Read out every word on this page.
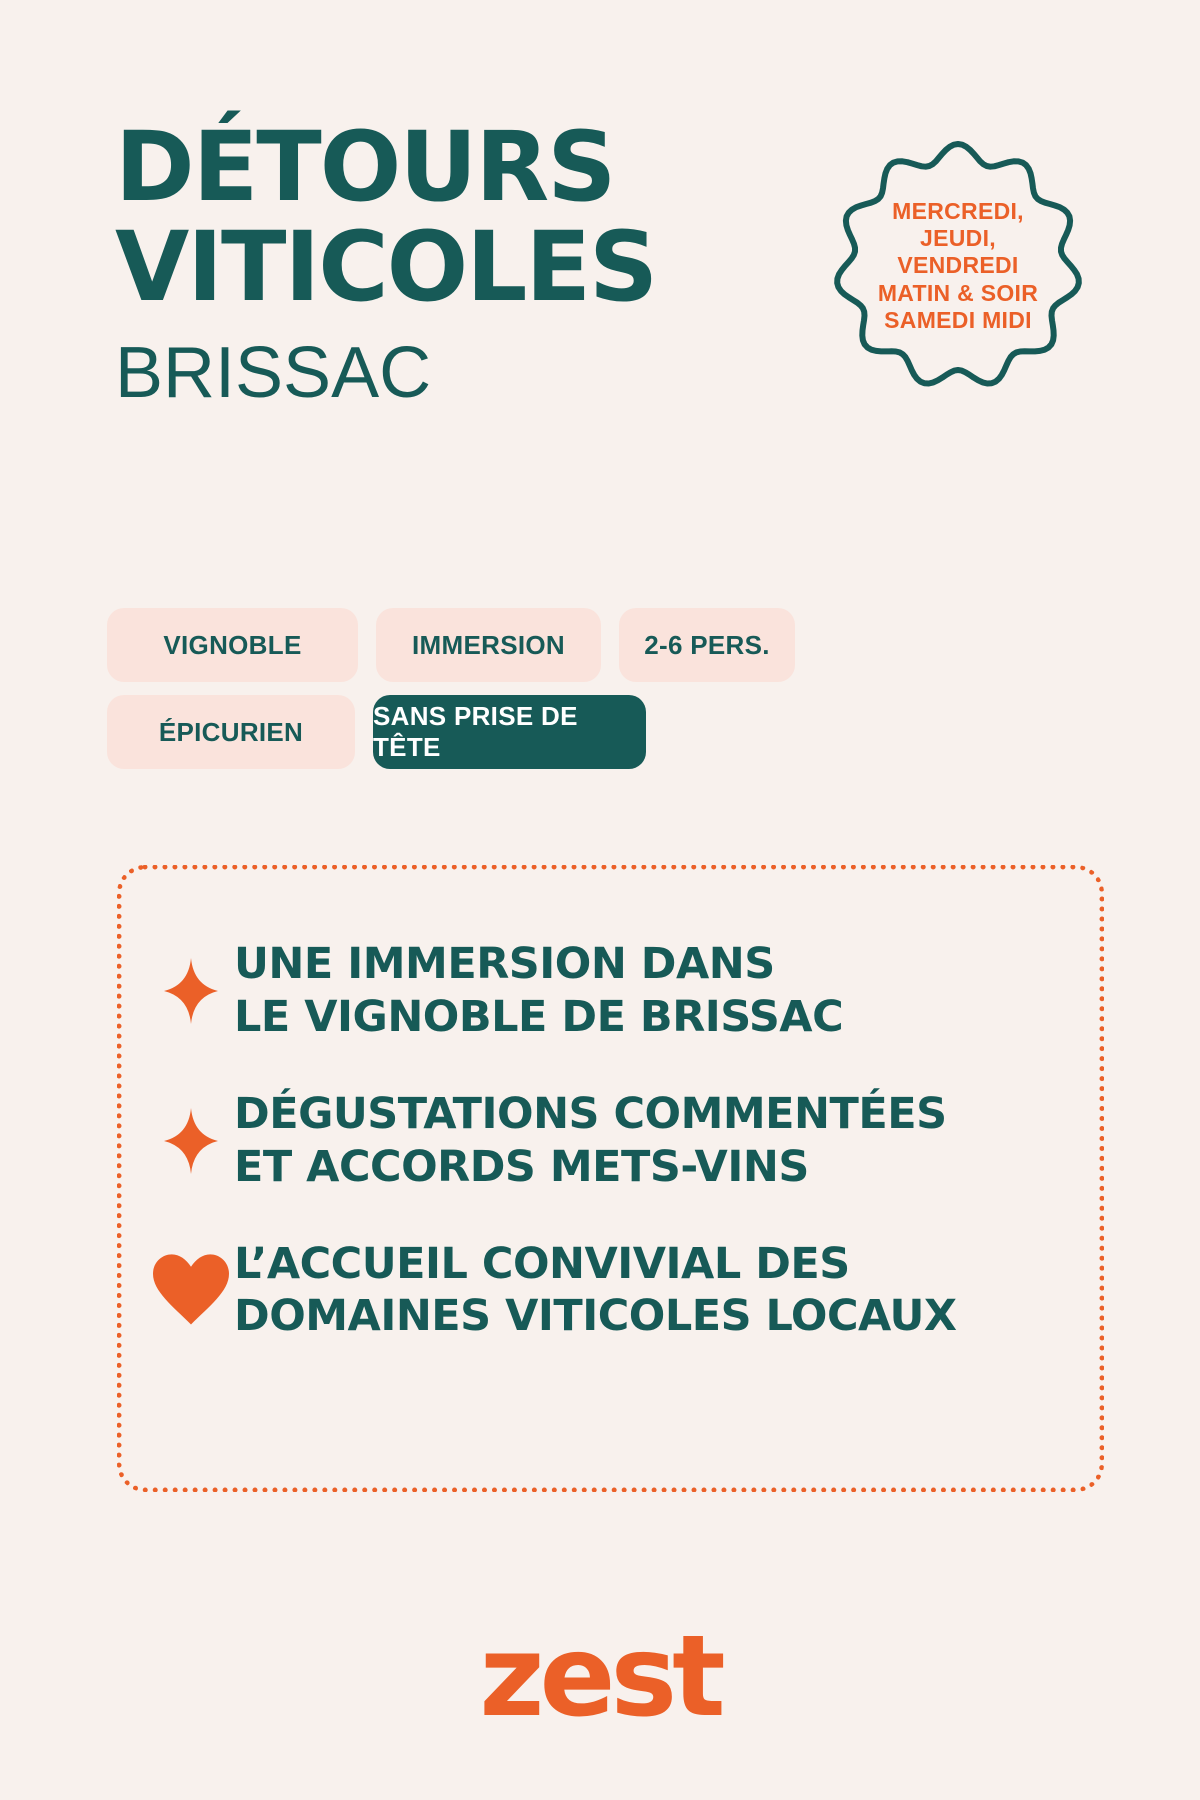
DÉTOURS
VITICOLES
BRISSAC
MERCREDI,
JEUDI,
VENDREDI
MATIN & SOIR
SAMEDI MIDI
VIGNOBLE	IMMERSION	2-6 PERS.
ÉPICURIEN
SANS PRISE DE TÊTE
UNE IMMERSION DANS
LE VIGNOBLE DE BRISSAC
DÉGUSTATIONS COMMENTÉES
ET ACCORDS METS-VINS
L’ACCUEIL CONVIVIAL DES
DOMAINES VITICOLES LOCAUX
zest
